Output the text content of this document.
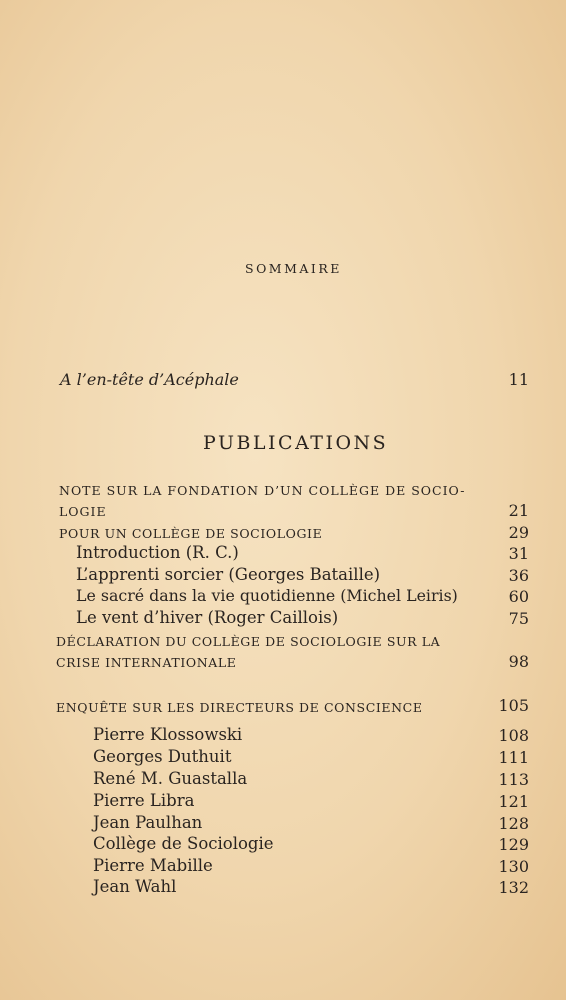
SOMMAIRE
A l’en-tête d’Acéphale	11
PUBLICATIONS
NOTE SUR LA FONDATION D’UN COLLÈGE DE SOCIO-
LOGIE	21
POUR UN COLLÈGE DE SOCIOLOGIE	29
Introduction (R. C.)	31
L’apprenti sorcier (Georges Bataille)	36
Le sacré dans la vie quotidienne (Michel Leiris)	60
Le vent d’hiver (Roger Caillois)	75
DÉCLARATION DU COLLÈGE DE SOCIOLOGIE SUR LA
CRISE INTERNATIONALE	98
ENQUÊTE SUR LES DIRECTEURS DE CONSCIENCE	105
Pierre Klossowski	108
Georges Duthuit	111
René M. Guastalla	113
Pierre Libra	121
Jean Paulhan	128
Collège de Sociologie	129
Pierre Mabille	130
Jean Wahl	132
